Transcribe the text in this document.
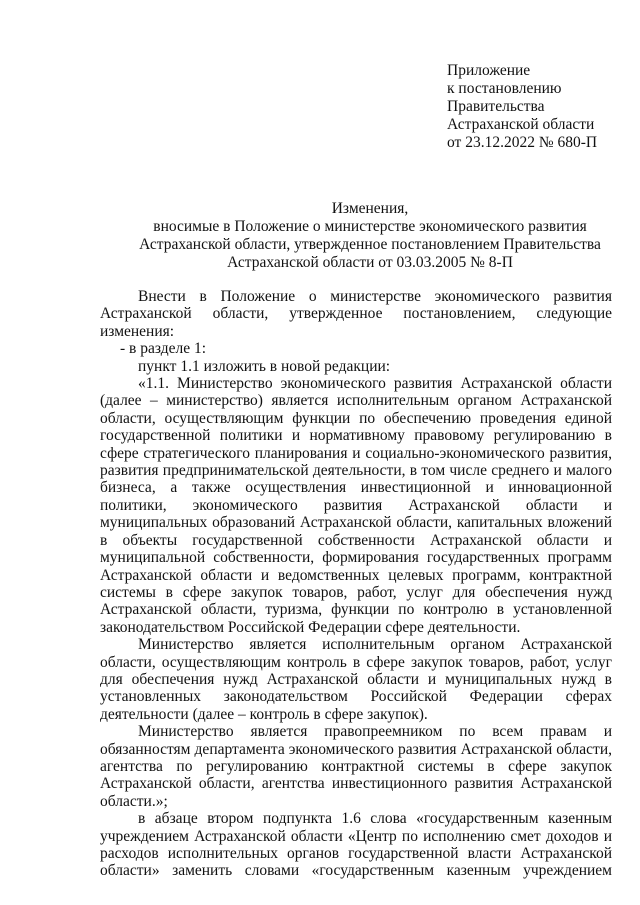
Приложение
к постановлению
Правительства
Астраханской области
от 23.12.2022 № 680-П
Изменения,
вносимые в Положение о министерстве экономического развития
Астраханской области, утвержденное постановлением Правительства
Астраханской области от 03.03.2005 № 8-П

Внести в Положение о министерстве экономического развития Астраханской области, утвержденное постановлением, следующие изменения:

- в разделе 1:
пункт 1.1 изложить в новой редакции:

«1.1. Министерство экономического развития Астраханской области (далее – министерство) является исполнительным органом Астраханской области, осуществляющим функции по обеспечению проведения единой государственной политики и нормативному правовому регулированию в сфере стратегического планирования и социально-экономического развития, развития предпринимательской деятельности, в том числе среднего и малого бизнеса, а также осуществления инвестиционной и инновационной политики, экономического развития Астраханской области и муниципальных образований Астраханской области, капитальных вложений в объекты государственной собственности Астраханской области и муниципальной собственности, формирования государственных программ Астраханской области и ведомственных целевых программ, контрактной системы в сфере закупок товаров, работ, услуг для обеспечения нужд Астраханской области, туризма, функции по контролю в установленной законодательством Российской Федерации сфере деятельности.

Министерство является исполнительным органом Астраханской области, осуществляющим контроль в сфере закупок товаров, работ, услуг для обеспечения нужд Астраханской области и муниципальных нужд в установленных законодательством Российской Федерации сферах деятельности (далее – контроль в сфере закупок).

Министерство является правопреемником по всем правам и обязанностям департамента экономического развития Астраханской области, агентства по регулированию контрактной системы в сфере закупок Астраханской области, агентства инвестиционного развития Астраханской области.»;

в абзаце втором подпункта 1.6 слова «государственным казенным учреждением Астраханской области «Центр по исполнению смет доходов и расходов исполнительных органов государственной власти Астраханской области» заменить словами «государственным казенным учреждением
